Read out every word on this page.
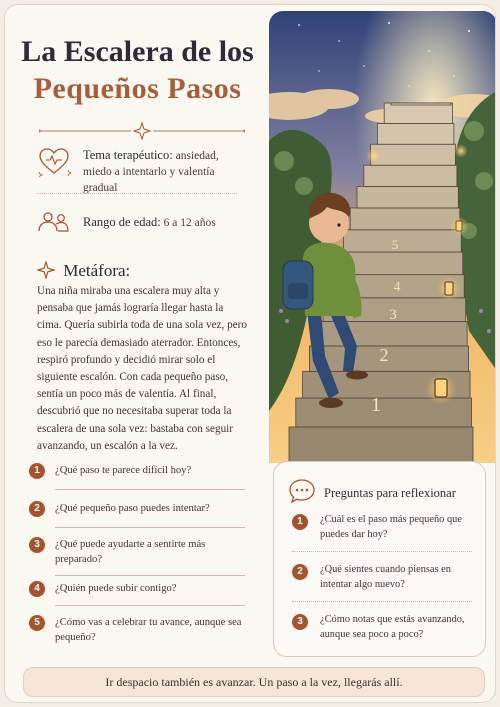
La Escalera de los
Pequeños Pasos
Tema terapéutico: ansiedad,
miedo a intentarlo y valentía gradual
Rango de edad: 6 a 12 años
Metáfora:

Una niña miraba una escalera muy alta y pensaba que jamás lograría llegar hasta la cima. Quería subirla toda de una sola vez, pero eso le parecía demasiado aterrador. Entonces, respiró profundo y decidió mirar solo el siguiente escalón. Con cada pequeño paso, sentía un poco más de valentía. Al final, descubrió que no necesitaba superar toda la escalera de una sola vez: bastaba con seguir avanzando, un escalón a la vez.

1	¿Qué paso te parece difícil hoy?
2	¿Qué pequeño paso puedes intentar?
3	¿Qué puede ayudarte a sentirte más preparado?
4	¿Quién puede subir contigo?
5	¿Cómo vas a celebrar tu avance, aunque sea pequeño?
1
2
3
4
5
Preguntas para reflexionar
1	¿Cuál es el paso más pequeño que puedes dar hoy?
2	¿Qué sientes cuando piensas en intentar algo nuevo?
3	¿Cómo notas que estás avanzando, aunque sea poco a poco?
Ir despacio también es avanzar. Un paso a la vez, llegarás allí.
